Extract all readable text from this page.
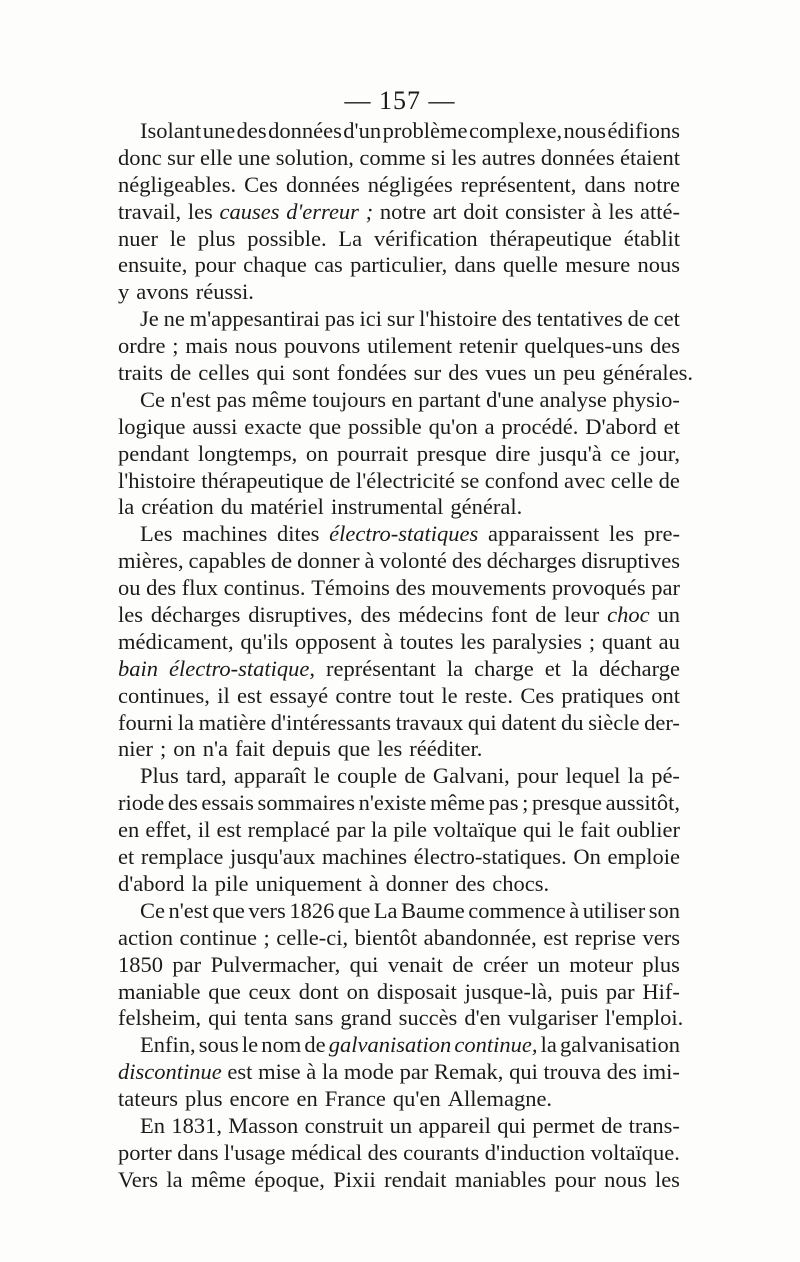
— 157 —
Isolant une des données d'un problème complexe, nous édifions
donc sur elle une solution, comme si les autres données étaient
négligeables. Ces données négligées représentent, dans notre
travail, les causes d'erreur ; notre art doit consister à les atté-
nuer le plus possible. La vérification thérapeutique établit
ensuite, pour chaque cas particulier, dans quelle mesure nous
y avons réussi.
Je ne m'appesantirai pas ici sur l'histoire des tentatives de cet
ordre ; mais nous pouvons utilement retenir quelques-uns des
traits de celles qui sont fondées sur des vues un peu générales.
Ce n'est pas même toujours en partant d'une analyse physio-
logique aussi exacte que possible qu'on a procédé. D'abord et
pendant longtemps, on pourrait presque dire jusqu'à ce jour,
l'histoire thérapeutique de l'électricité se confond avec celle de
la création du matériel instrumental général.
Les machines dites électro-statiques apparaissent les pre-
mières, capables de donner à volonté des décharges disruptives
ou des flux continus. Témoins des mouvements provoqués par
les décharges disruptives, des médecins font de leur choc un
médicament, qu'ils opposent à toutes les paralysies ; quant au
bain électro-statique, représentant la charge et la décharge
continues, il est essayé contre tout le reste. Ces pratiques ont
fourni la matière d'intéressants travaux qui datent du siècle der-
nier ; on n'a fait depuis que les rééditer.
Plus tard, apparaît le couple de Galvani, pour lequel la pé-
riode des essais sommaires n'existe même pas ; presque aussitôt,
en effet, il est remplacé par la pile voltaïque qui le fait oublier
et remplace jusqu'aux machines électro-statiques. On emploie
d'abord la pile uniquement à donner des chocs.
Ce n'est que vers 1826 que La Baume commence à utiliser son
action continue ; celle-ci, bientôt abandonnée, est reprise vers
1850 par Pulvermacher, qui venait de créer un moteur plus
maniable que ceux dont on disposait jusque-là, puis par Hif-
felsheim, qui tenta sans grand succès d'en vulgariser l'emploi.
Enfin, sous le nom de galvanisation continue, la galvanisation
discontinue est mise à la mode par Remak, qui trouva des imi-
tateurs plus encore en France qu'en Allemagne.
En 1831, Masson construit un appareil qui permet de trans-
porter dans l'usage médical des courants d'induction voltaïque.
Vers la même époque, Pixii rendait maniables pour nous les
